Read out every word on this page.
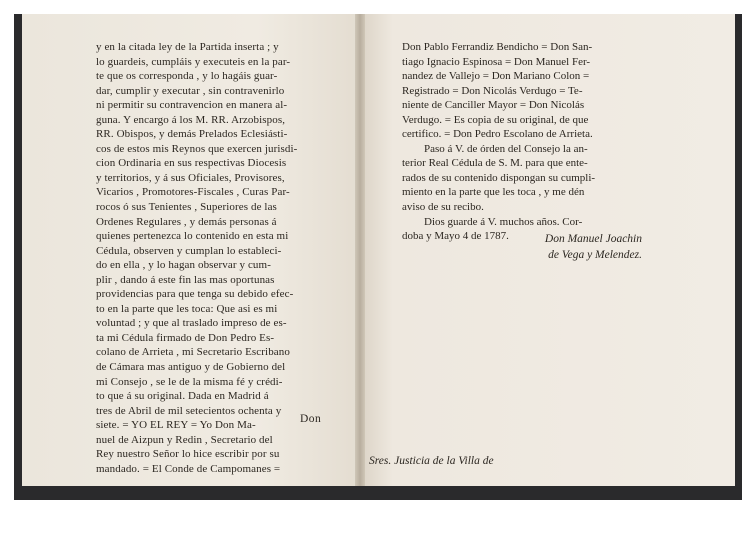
y en la citada ley de la Partida inserta ; y
lo guardeis, cumpláis y executeis en la par-
te que os corresponda , y lo hagáis guar-
dar, cumplir y executar , sin contravenirlo
ni permitir su contravencion en manera al-
guna. Y encargo á los M. RR. Arzobispos,
RR. Obispos, y demás Prelados Eclesiásti-
cos de estos mis Reynos que exercen jurisdi-
cion Ordinaria en sus respectivas Diocesis
y territorios, y á sus Oficiales, Provisores,
Vicarios , Promotores-Fiscales , Curas Par-
rocos ó sus Tenientes , Superiores de las
Ordenes Regulares , y demás personas á
quienes pertenezca lo contenido en esta mi
Cédula, observen y cumplan lo estableci-
do en ella , y lo hagan observar y cum-
plir , dando á este fin las mas oportunas
providencias para que tenga su debido efec-
to en la parte que les toca: Que asi es mi
voluntad ; y que al traslado impreso de es-
ta mi Cédula firmado de Don Pedro Es-
colano de Arrieta , mi Secretario Escribano
de Cámara mas antiguo y de Gobierno del
mi Consejo , se le de la misma fé y crédi-
to que á su original. Dada en Madrid á
tres de Abril de mil setecientos ochenta y
siete. = YO EL REY = Yo Don Ma-
nuel de Aizpun y Redin , Secretario del
Rey nuestro Señor lo hice escribir por su
mandado. = El Conde de Campomanes =
Don
Don Pablo Ferrandiz Bendicho = Don San-
tiago Ignacio Espinosa = Don Manuel Fer-
nandez de Vallejo = Don Mariano Colon =
Registrado = Don Nicolás Verdugo = Te-
niente de Canciller Mayor = Don Nicolás
Verdugo. = Es copia de su original, de que
certifico. = Don Pedro Escolano de Arrieta.
Paso á V. de órden del Consejo la an-
terior Real Cédula de S. M. para que ente-
rados de su contenido dispongan su cumpli-
miento en la parte que les toca , y me dén
aviso de su recibo.
Dios guarde á V. muchos años. Cor-
doba y Mayo 4 de 1787.	Don Manuel Joachin
de Vega y Melendez.
Sres. Justicia de la Villa de
